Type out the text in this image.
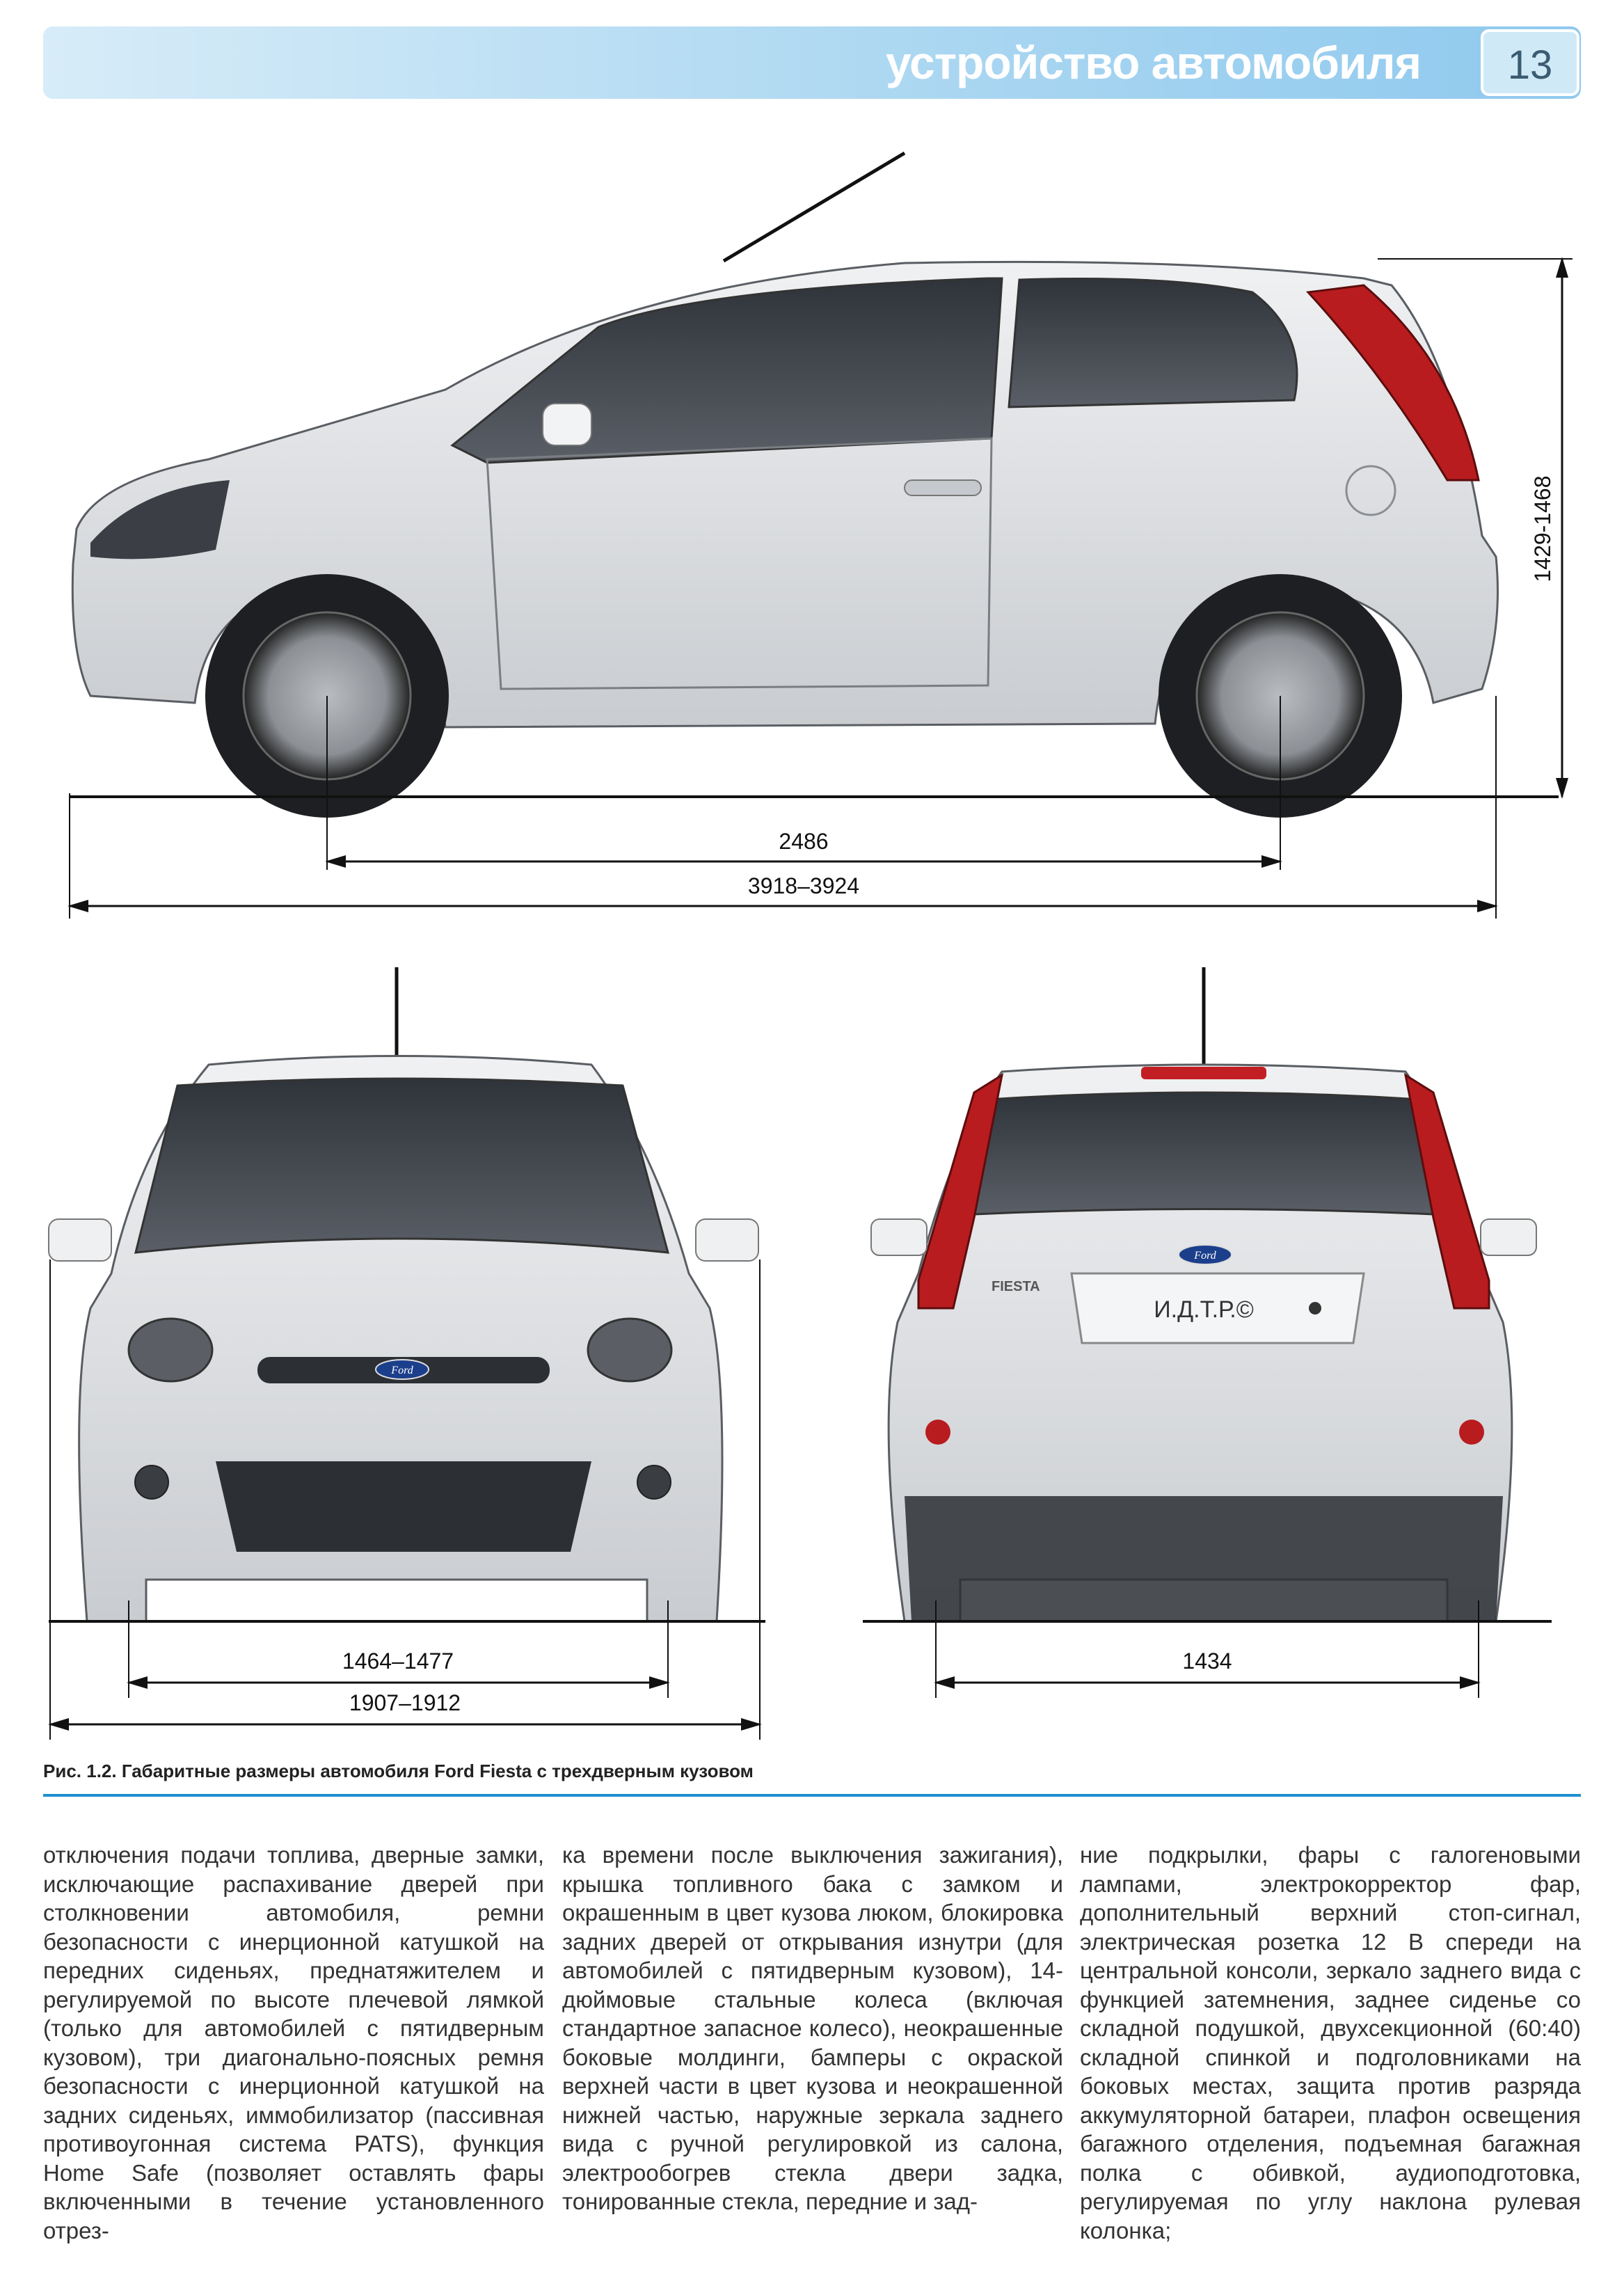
устройство автомобиля	13
2486
3918–3924
1429-1468
Ford
1464–1477
1907–1912
Ford
FIESTA
И.Д.Т.Р.©
1434
Рис. 1.2. Габаритные размеры автомобиля Ford Fiesta с трехдверным кузовом
отключения подачи топлива, дверные замки, исключающие распахивание дверей при столкновении автомобиля, ремни безопасности с инерционной катушкой на передних сиденьях, преднатяжителем и регулируемой по высоте плечевой лямкой (только для автомобилей с пятидверным кузовом), три диагонально-поясных ремня безопасности с инерционной катушкой на задних сиденьях, иммобилизатор (пассивная противоугонная система PATS), функция Home Safe (позволяет оставлять фары включенными в течение установленного отрез-
ка времени после выключения зажигания), крышка топливного бака с замком и окрашенным в цвет кузова люком, блокировка задних дверей от открывания изнутри (для автомобилей с пятидверным кузовом), 14-дюймовые стальные колеса (включая стандартное запасное колесо), неокрашенные боковые молдинги, бамперы с окраской верхней части в цвет кузова и неокрашенной нижней частью, наружные зеркала заднего вида с ручной регулировкой из салона, электрообогрев стекла двери задка, тонированные стекла, передние и зад-
ние подкрылки, фары с галогеновыми лампами, электрокорректор фар, дополнительный верхний стоп-сигнал, электрическая розетка 12 В спереди на центральной консоли, зеркало заднего вида с функцией затемнения, заднее сиденье со складной подушкой, двухсекционной (60:40) складной спинкой и подголовниками на боковых местах, защита против разряда аккумуляторной батареи, плафон освещения багажного отделения, подъемная багажная полка с обивкой, аудиоподготовка, регулируемая по углу наклона рулевая колонка;
